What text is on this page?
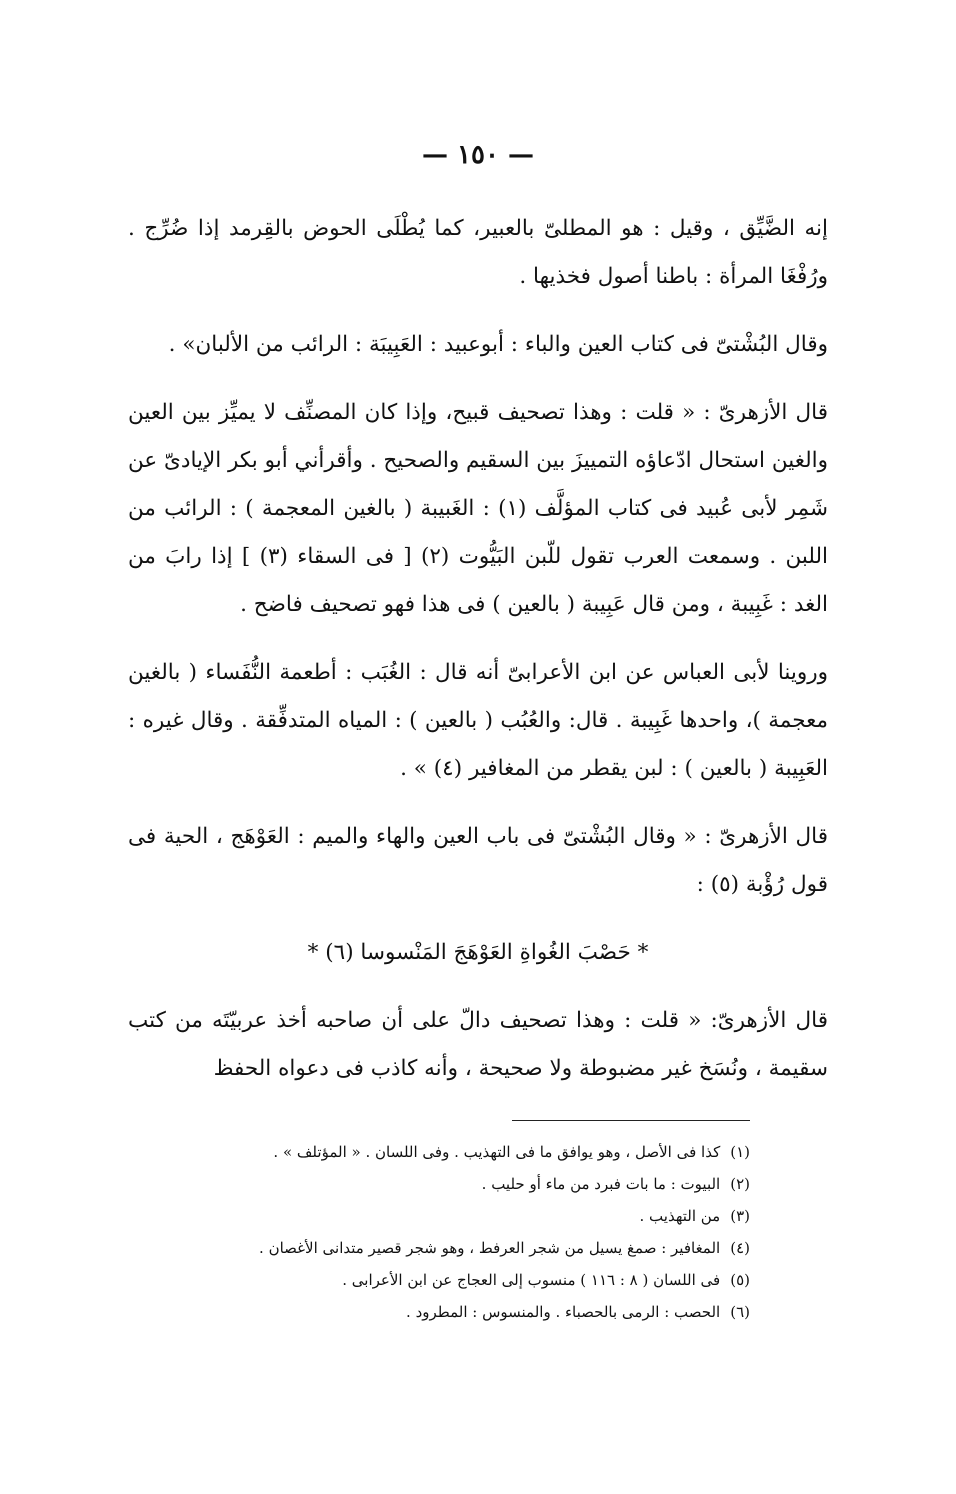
— ١٥٠ —

إنه الضَّيِّق ، وقيل : هو المطلىّ بالعبير، كما يُطْلَى الحوض بالقِرمد إذا ضُرِّج . ورُفْغَا المرأة : باطنا أصول فخذيها .

وقال البُشْتىّ فى كتاب العين والباء : أبوعبيد : العَبِيبَة : الرائب من الألبان» .

قال الأزهرىّ : « قلت : وهذا تصحيف قبيح، وإذا كان المصنِّف لا يميِّز بين العين والغين استحال ادّعاؤه التمييزَ بين السقيم والصحيح . وأقرأني أبو بكر الإيادىّ عن شَمِر لأبى عُبيد فى كتاب المؤلَّف (١) : الغَبيبة ( بالغين المعجمة ) : الرائب من اللبن . وسمعت العرب تقول للّبن البَيُّوت (٢) [ فى السقاء (٣) ] إذا رابَ من الغد : غَبِيبة ، ومن قال عَبِيبة ( بالعين ) فى هذا فهو تصحيف فاضح .

وروينا لأبى العباس عن ابن الأعرابىّ أنه قال : الغُبَب : أطعمة النُّفَساء ( بالغين معجمة )، واحدها غَبِيبة . قال: والعُبُب ( بالعين ) : المياه المتدفِّقة . وقال غيره : العَبِيبة ( بالعين ) : لبن يقطر من المغافير (٤) » .

قال الأزهرىّ : « وقال البُشْتىّ فى باب العين والهاء والميم : العَوْهَج ، الحية فى قول رُؤْبة (٥) :

* حَصْبَ الغُواةِ العَوْهَجَ المَنْسوسا (٦) *

قال الأزهرىّ: « قلت : وهذا تصحيف دالّ على أن صاحبه أخذ عربيّتَه من كتب سقيمة ، ونُسَخ غير مضبوطة ولا صحيحة ، وأنه كاذب فى دعواه الحفظ

(١)كذا فى الأصل ، وهو يوافق ما فى التهذيب . وفى اللسان . « المؤتلف » .
(٢)البيوت : ما بات فبرد من ماء أو حليب .
(٣)من التهذيب .
(٤)المغافير : صمغ يسيل من شجر العرفط ، وهو شجر قصير متدانى الأغصان .
(٥)فى اللسان ( ٨ : ١١٦ ) منسوب إلى العجاج عن ابن الأعرابى .
(٦)الحصب : الرمى بالحصباء . والمنسوس : المطرود .
